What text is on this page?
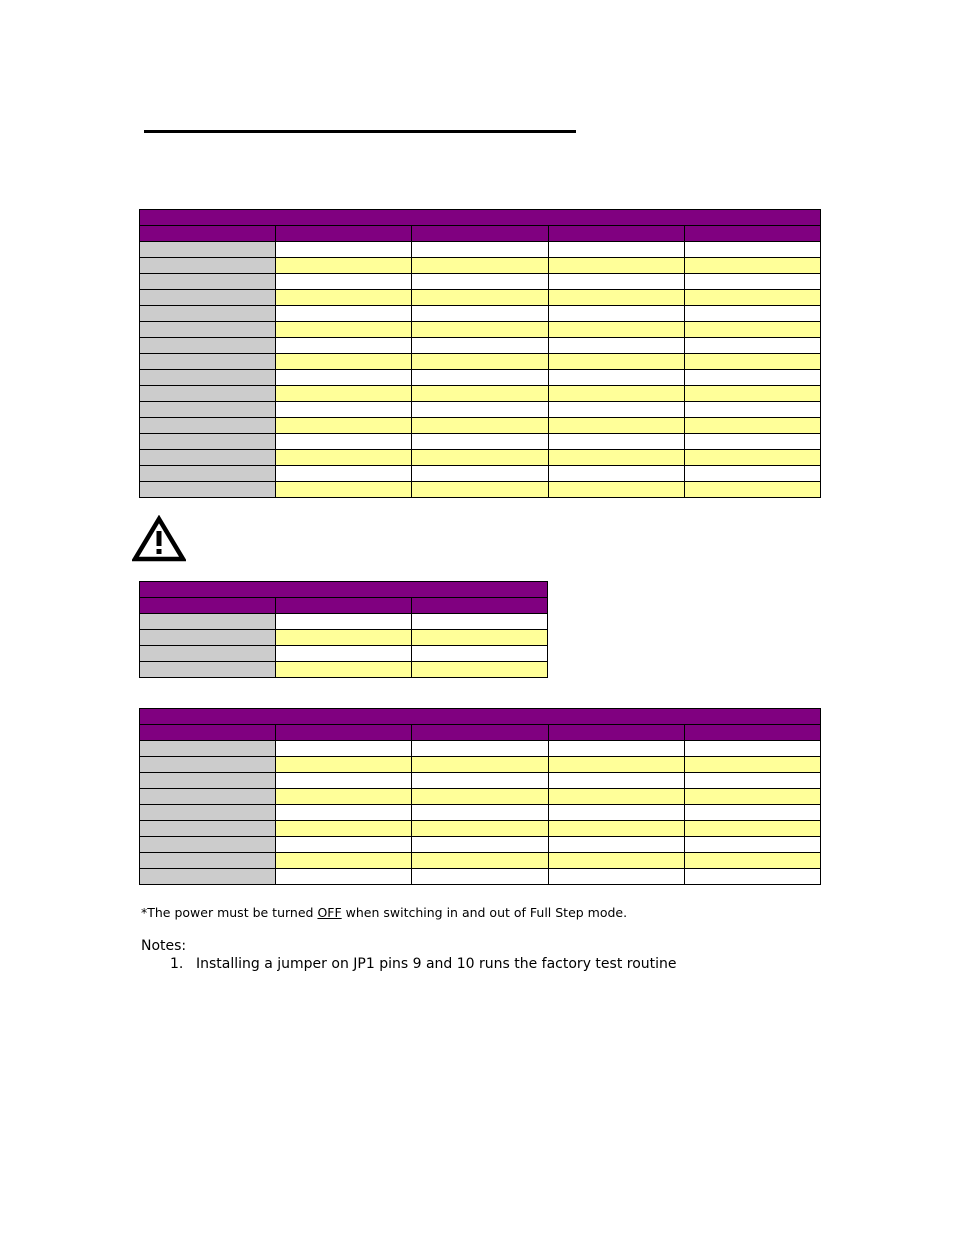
*The power must be turned OFF when switching in and out of Full Step mode.
Notes:
1. Installing a jumper on JP1 pins 9 and 10 runs the factory test routine
